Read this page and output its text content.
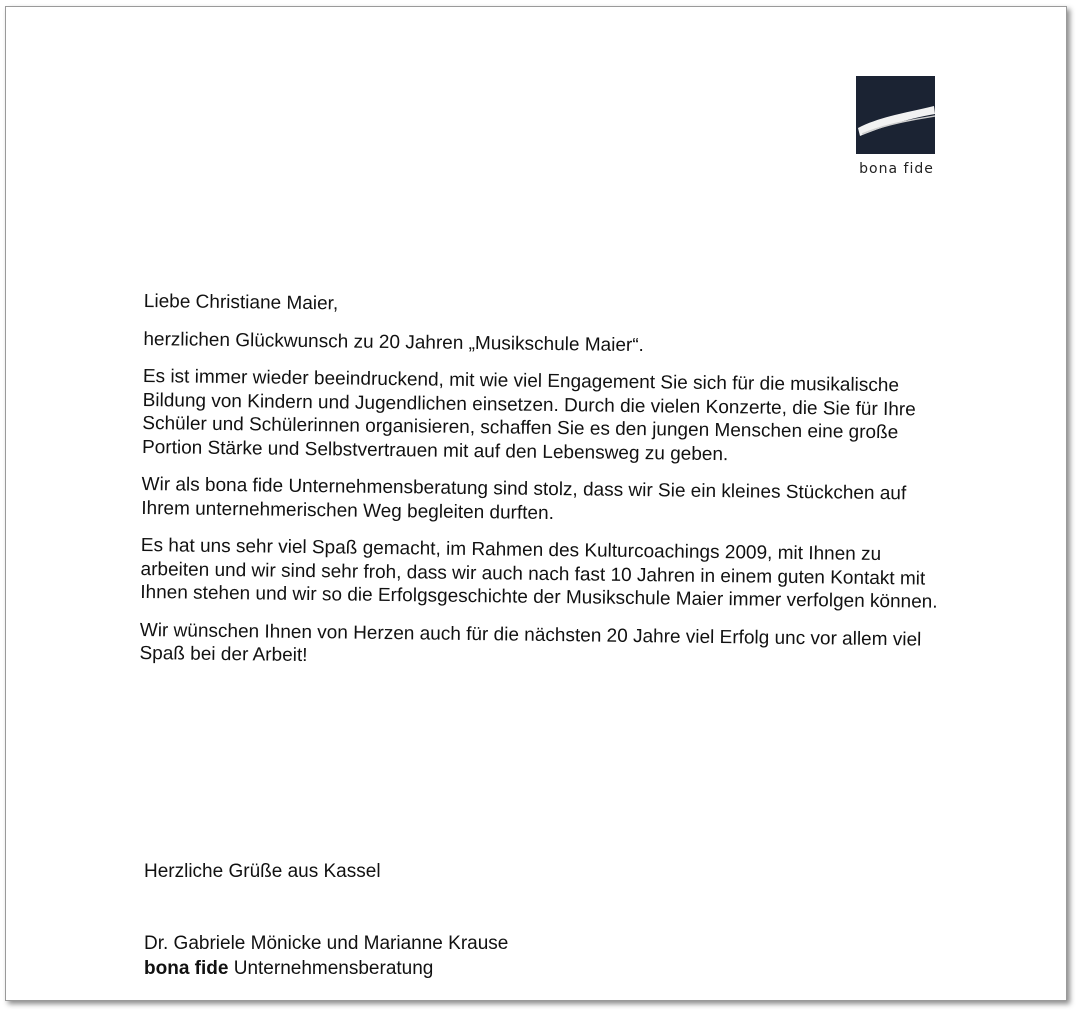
bona fide

Liebe Christiane Maier,

herzlichen Glückwunsch zu 20 Jahren „Musikschule Maier“.

Es ist immer wieder beeindruckend, mit wie viel Engagement Sie sich für die musikalische Bildung von Kindern und Jugendlichen einsetzen. Durch die vielen Konzerte, die Sie für Ihre Schüler und Schülerinnen organisieren, schaffen Sie es den jungen Menschen eine große Portion Stärke und Selbstvertrauen mit auf den Lebensweg zu geben.

Wir als bona fide Unternehmensberatung sind stolz, dass wir Sie ein kleines Stückchen auf Ihrem unternehmerischen Weg begleiten durften.

Es hat uns sehr viel Spaß gemacht, im Rahmen des Kulturcoachings 2009, mit Ihnen zu arbeiten und wir sind sehr froh, dass wir auch nach fast 10 Jahren in einem guten Kontakt mit Ihnen stehen und wir so die Erfolgsgeschichte der Musikschule Maier immer verfolgen können.

Wir wünschen Ihnen von Herzen auch für die nächsten 20 Jahre viel Erfolg unc vor allem viel Spaß bei der Arbeit!

Herzliche Grüße aus Kassel
Dr. Gabriele Mönicke und Marianne Krause
bona fide Unternehmensberatung
